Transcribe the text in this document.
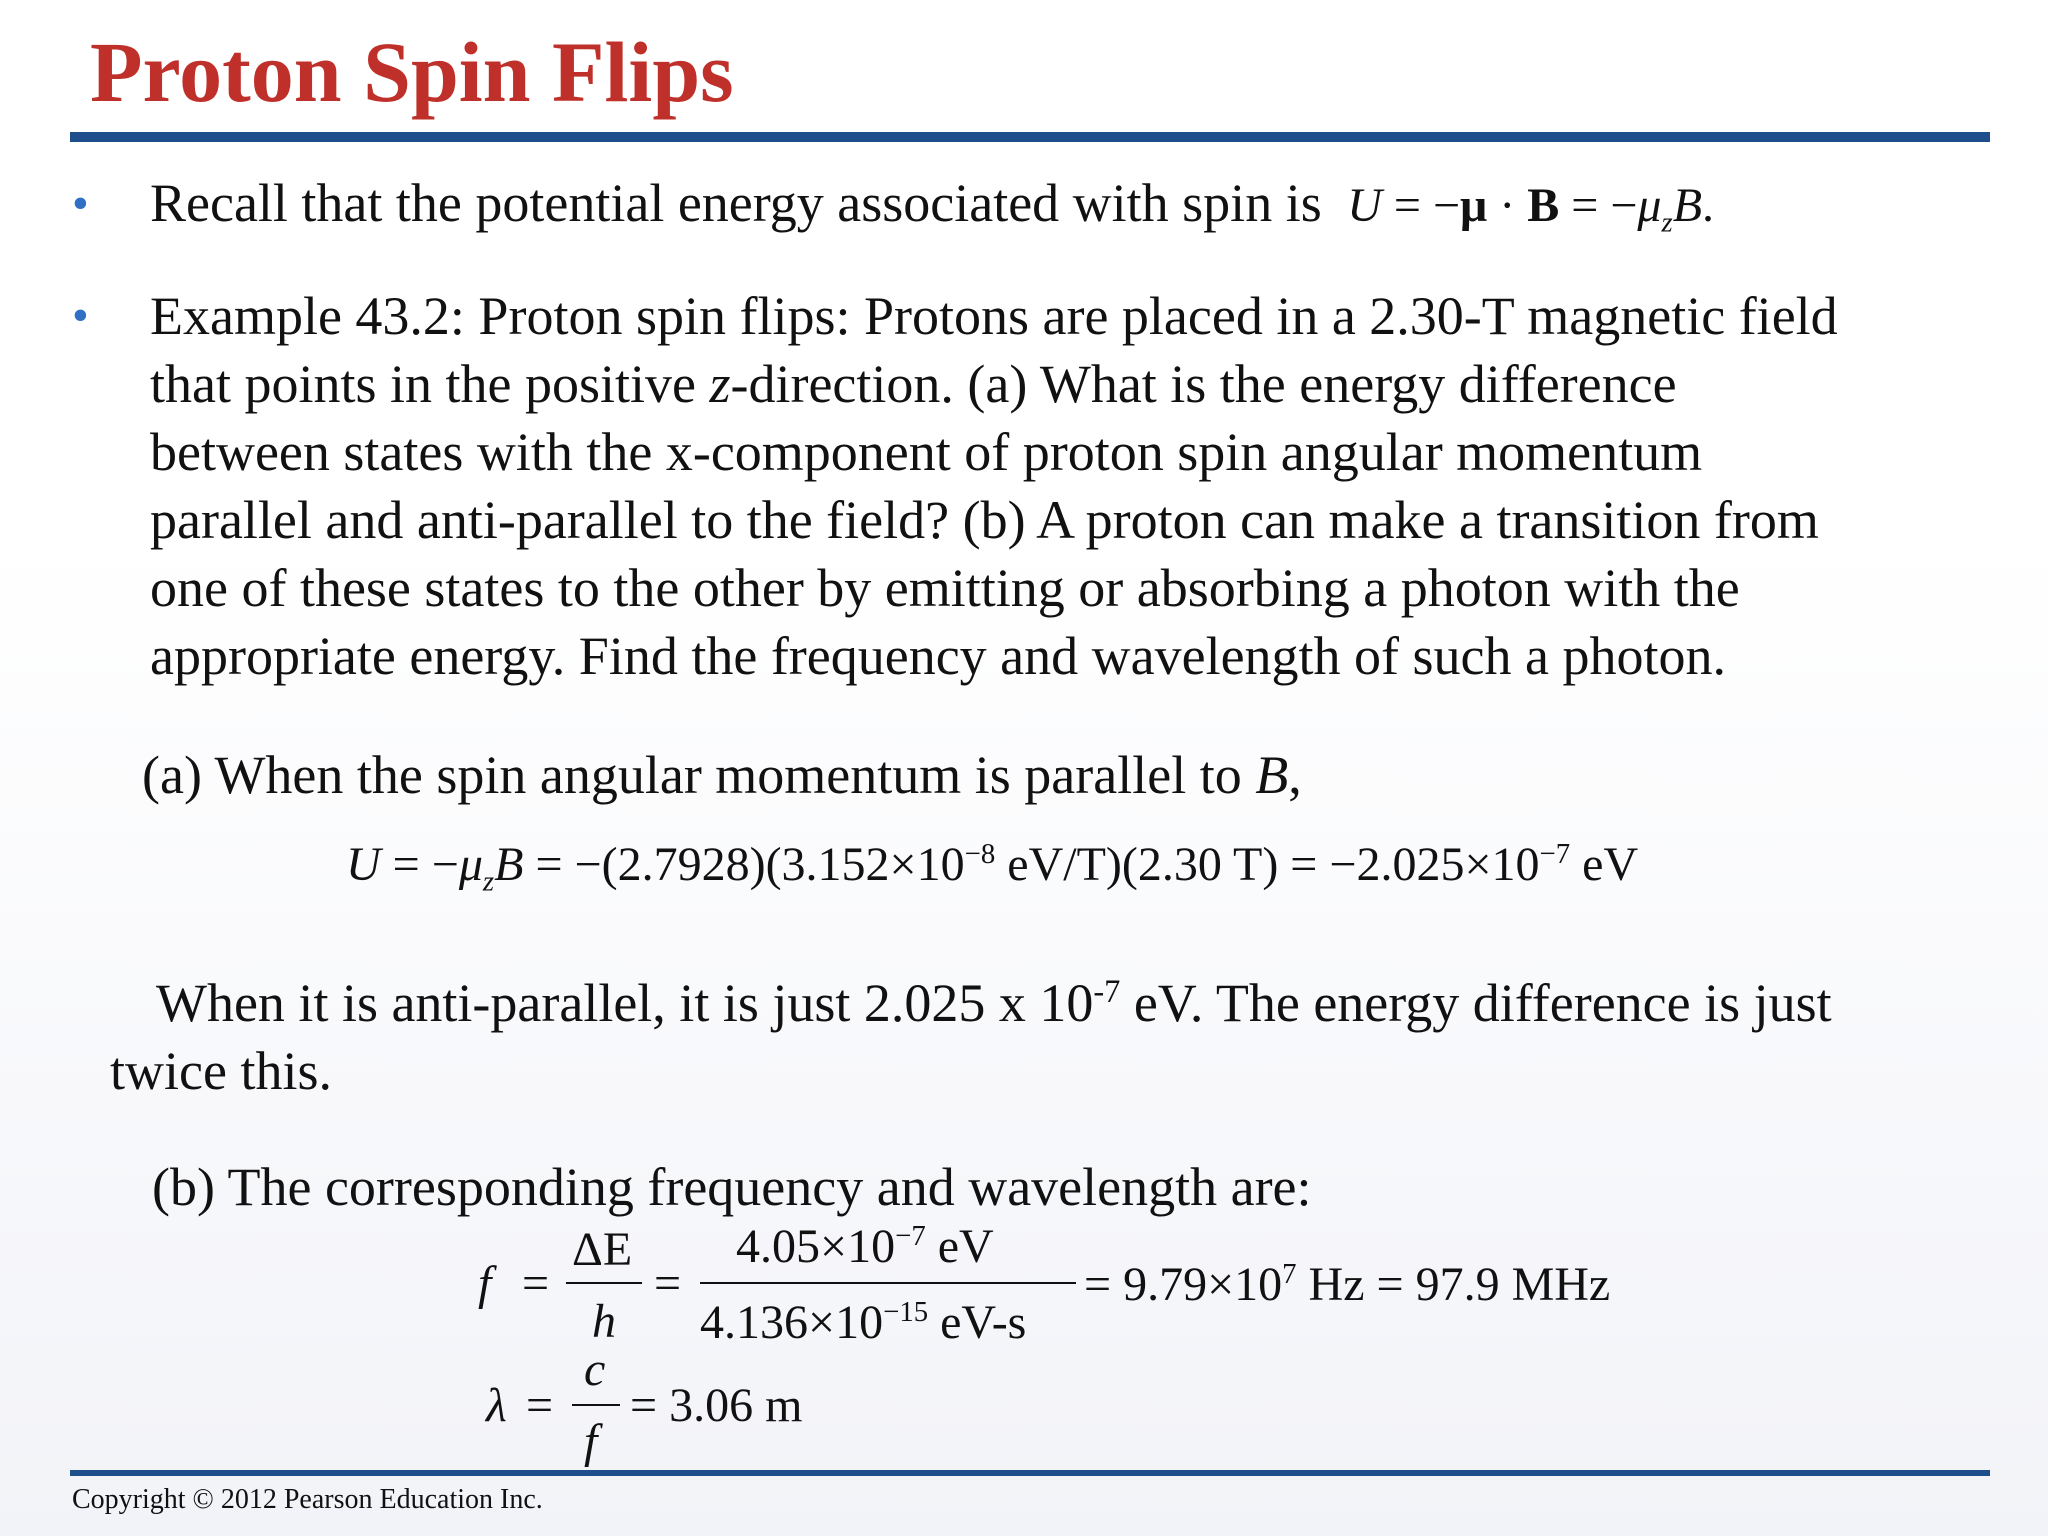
Proton Spin Flips
• Recall that the potential energy associated with spin is $U = -\mu \cdot B = -\mu_zB$.
• Example 43.2: Proton spin flips: Protons are placed in a 2.30-T magnetic field
that points in the positive z-direction. (a) What is the energy difference
between states with the x-component of proton spin angular momentum
parallel and anti-parallel to the field? (b) A proton can make a transition from
one of these states to the other by emitting or absorbing a photon with the
appropriate energy. Find the frequency and wavelength of such a photon.
(a) When the spin angular momentum is parallel to B,
$U = -\mu_zB = -(2.7928)(3.152\times 10^{-8}$ eV/T)(2.30 $T) = -2.025\times 10^{-7}$ eV
When it is anti-parallel, it is just 2.025 x $10^{-7}$ eV. The energy difference is just
twice this.
(b) The corresponding frequency and wavelength are:
f =
ΔE
h
=
$4.05\times 10^{-7}$ eV
$4.136\times 10^{-15}$ eV-s
= $9.79\times 10^7$ Hz = 97.9 MHz
λ =
c
f
= 3.06 m
Copyright © 2012 Pearson Education Inc.
